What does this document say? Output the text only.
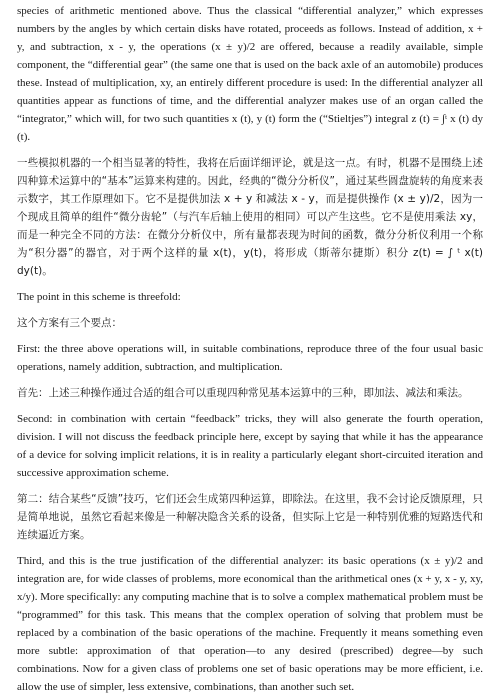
species of arithmetic mentioned above. Thus the classical “differential analyzer,” which expresses numbers by the angles by which certain disks have rotated, proceeds as follows. Instead of addition, x + y, and subtraction, x - y, the operations (x ± y)/2 are offered, because a readily available, simple component, the “differential gear” (the same one that is used on the back axle of an automobile) produces these. Instead of multiplication, xy, an entirely different procedure is used: In the differential analyzer all quantities appear as functions of time, and the differential analyzer makes use of an organ called the “integrator,” which will, for two such quantities x (t), y (t) form the (“Stieltjes”) integral z (t) = ∫ᵗ x (t) dy (t).

一些模拟机器的一个相当显著的特性，我将在后面详细评论，就是这一点。有时，机器不是围绕上述四种算术运算中的“基本”运算来构建的。因此，经典的“微分分析仪”，通过某些圆盘旋转的角度来表示数字，其工作原理如下。它不是提供加法 x + y 和减法 x - y，而是提供操作 (x ± y)/2，因为一个现成且简单的组件“微分齿轮”（与汽车后轴上使用的相同）可以产生这些。它不是使用乘法 xy，而是一种完全不同的方法：在微分分析仪中，所有量都表现为时间的函数，微分分析仪利用一个称为“积分器”的器官，对于两个这样的量 x(t)，y(t)，将形成（斯蒂尔捷斯）积分 z(t) = ∫ ᵗ x(t) dy(t)。

The point in this scheme is threefold:

这个方案有三个要点：

First: the three above operations will, in suitable combinations, reproduce three of the four usual basic operations, namely addition, subtraction, and multiplication.

首先：上述三种操作通过合适的组合可以重现四种常见基本运算中的三种，即加法、减法和乘法。

Second: in combination with certain “feedback” tricks, they will also generate the fourth operation, division. I will not discuss the feedback principle here, except by saying that while it has the appearance of a device for solving implicit relations, it is in reality a particularly elegant short-circuited iteration and successive approximation scheme.

第二：结合某些“反馈”技巧，它们还会生成第四种运算，即除法。在这里，我不会讨论反馈原理，只是简单地说，虽然它看起来像是一种解决隐含关系的设备，但实际上它是一种特别优雅的短路迭代和连续逼近方案。

Third, and this is the true justification of the differential analyzer: its basic operations (x ± y)/2 and integration are, for wide classes of problems, more economical than the arithmetical ones (x + y, x - y, xy, x/y). More specifically: any computing machine that is to solve a complex mathematical problem must be “programmed” for this task. This means that the complex operation of solving that problem must be replaced by a combination of the basic operations of the machine. Frequently it means something even more subtle: approximation of that operation—to any desired (prescribed) degree—by such combinations. Now for a given class of problems one set of basic operations may be more efficient, i.e. allow the use of simpler, less extensive, combinations, than another such set.
